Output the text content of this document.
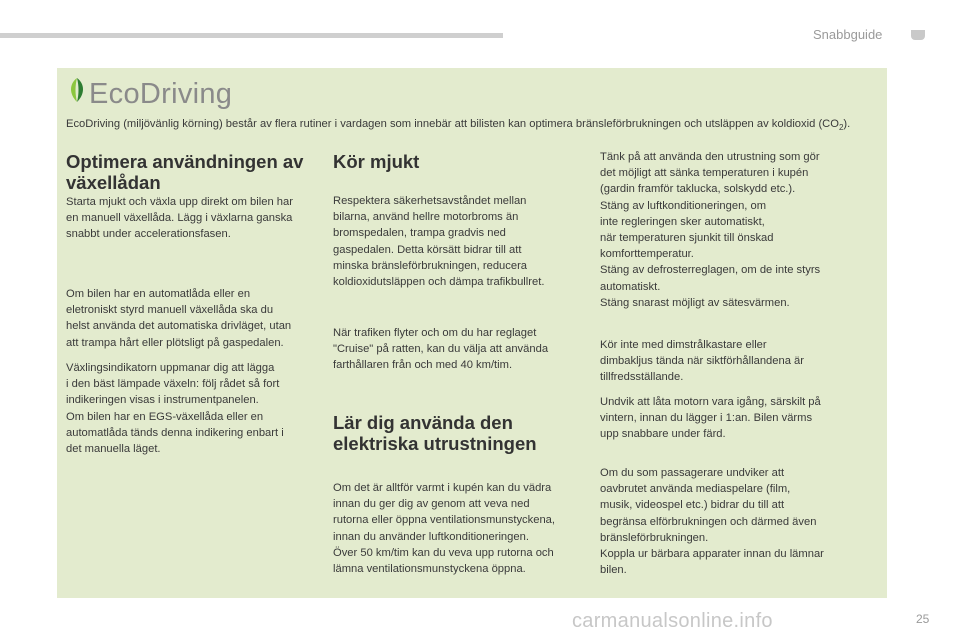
Snabbguide
EcoDriving
EcoDriving (miljövänlig körning) består av flera rutiner i vardagen som innebär att bilisten kan optimera bränsleförbrukningen och utsläppen av koldioxid $(CO_2)$.
Optimera användningen av växellådan
Starta mjukt och växla upp direkt om bilen har
en manuell växellåda. Lägg i växlarna ganska
snabbt under accelerationsfasen.
Om bilen har en automatlåda eller en
eletroniskt styrd manuell växellåda ska du
helst använda det automatiska drivläget, utan
att trampa hårt eller plötsligt på gaspedalen.
Växlingsindikatorn uppmanar dig att lägga
i den bäst lämpade växeln: följ rådet så fort
indikeringen visas i instrumentpanelen.
Om bilen har en EGS-växellåda eller en
automatlåda tänds denna indikering enbart i
det manuella läget.
Kör mjukt
Respektera säkerhetsavståndet mellan
bilarna, använd hellre motorbroms än
bromspedalen, trampa gradvis ned
gaspedalen. Detta körsätt bidrar till att
minska bränsleförbrukningen, reducera
koldioxidutsläppen och dämpa trafikbullret.
När trafiken flyter och om du har reglaget
"Cruise" på ratten, kan du välja att använda
farthållaren från och med 40 km/tim.
Lär dig använda den elektriska utrustningen
Om det är alltför varmt i kupén kan du vädra
innan du ger dig av genom att veva ned
rutorna eller öppna ventilationsmunstyckena,
innan du använder luftkonditioneringen.
Över 50 km/tim kan du veva upp rutorna och
lämna ventilationsmunstyckena öppna.
Tänk på att använda den utrustning som gör
det möjligt att sänka temperaturen i kupén
(gardin framför taklucka, solskydd etc.).
Stäng av luftkonditioneringen, om
inte regleringen sker automatiskt,
när temperaturen sjunkit till önskad
komforttemperatur.
Stäng av defrosterreglagen, om de inte styrs
automatiskt.
Stäng snarast möjligt av sätesvärmen.
Kör inte med dimstrålkastare eller
dimbakljus tända när siktförhållandena är
tillfredsställande.
Undvik att låta motorn vara igång, särskilt på
vintern, innan du lägger i 1:an. Bilen värms
upp snabbare under färd.
Om du som passagerare undviker att
oavbrutet använda mediaspelare (film,
musik, videospel etc.) bidrar du till att
begränsa elförbrukningen och därmed även
bränsleförbrukningen.
Koppla ur bärbara apparater innan du lämnar
bilen.
carmanualsonline.info	25
